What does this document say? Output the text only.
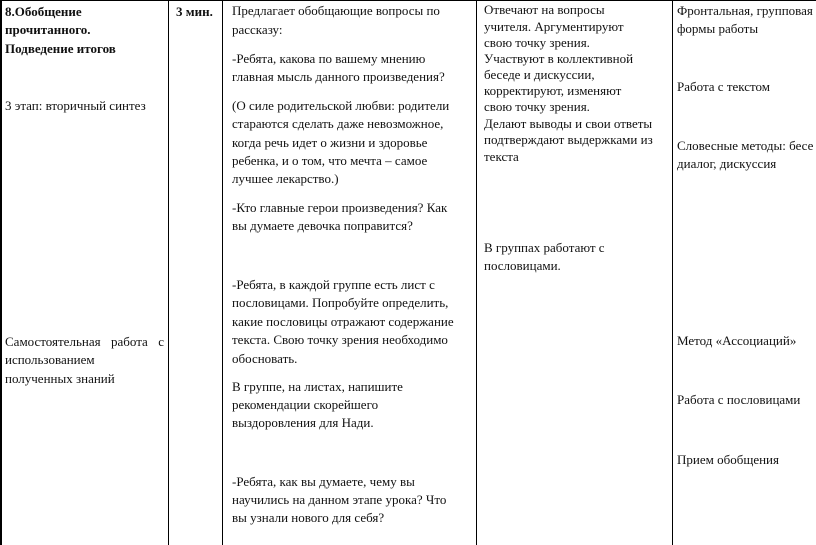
8.Обобщение
прочитанного.
Подведение итогов
3 этап: вторичный синтез
Самостоятельная работа с
использованием
полученных знаний
3 мин. Предлагает обобщающие вопросы по
рассказу:
-Ребята, какова по вашему мнению
главная мысль данного произведения?
(О силе родительской любви: родители
стараются сделать даже невозможное,
когда речь идет о жизни и здоровье
ребенка, и о том, что мечта – самое
лучшее лекарство.)
-Кто главные герои произведения? Как
вы думаете девочка поправится?
-Ребята, в каждой группе есть лист с
пословицами. Попробуйте определить,
какие пословицы отражают содержание
текста. Свою точку зрения необходимо
обосновать.
В группе, на листах, напишите
рекомендации скорейшего
выздоровления для Нади.
-Ребята, как вы думаете, чему вы
научились на данном этапе урока? Что
вы узнали нового для себя?
Отвечают на вопросы
учителя. Аргументируют
свою точку зрения.
Участвуют в коллективной
беседе и дискуссии,
корректируют, изменяют
свою точку зрения.
Делают выводы и свои ответы
подтверждают выдержками из
текста
В группах работают с
пословицами.
Фронтальная, групповая
формы работы
Работа с текстом
Словесные методы: бесе
диалог, дискуссия
Метод «Ассоциаций»
Работа с пословицами
Прием обобщения
